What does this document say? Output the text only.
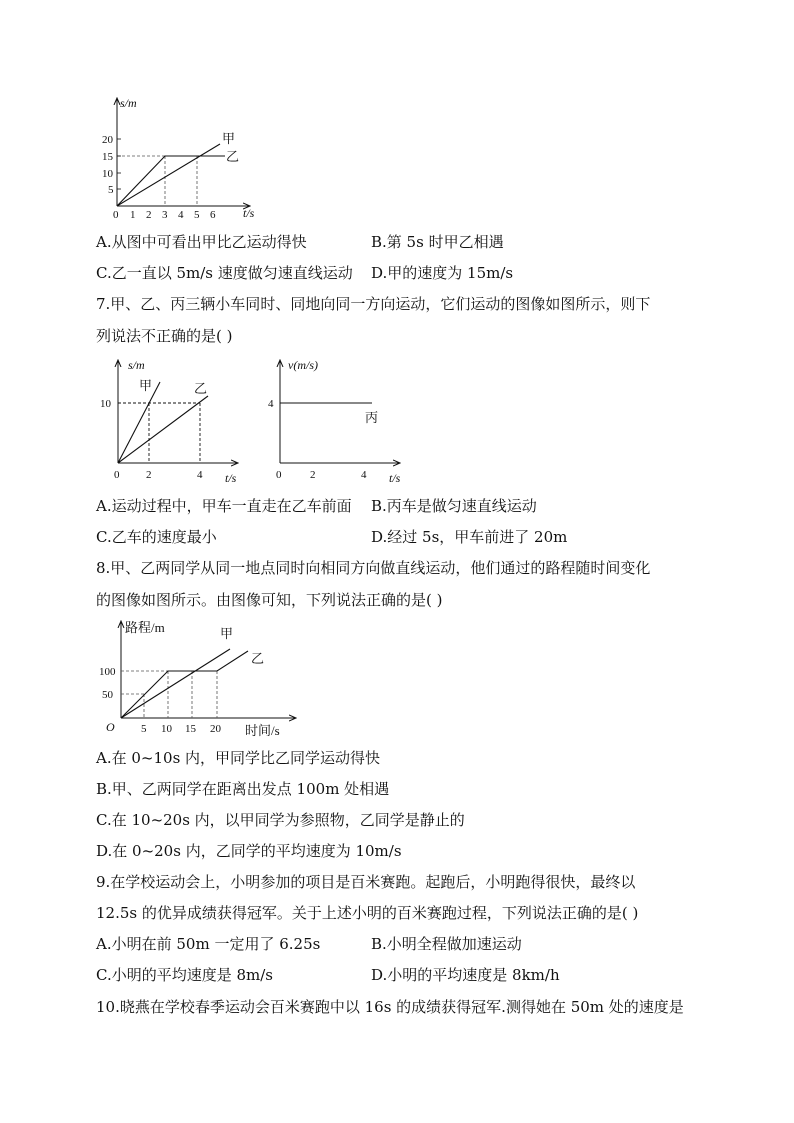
s/m
t/s
20
15
10
5
0 1 2 3 4 5 6
甲
乙
A.从图中可看出甲比乙运动得快	B.第 5s 时甲乙相遇
C.乙一直以 5m/s 速度做匀速直线运动 D.甲的速度为 15m/s
7.甲、乙、丙三辆小车同时、同地向同一方向运动，它们运动的图像如图所示，则下
列说法不正确的是( )
s/m
t/s
10
0 2	4
甲	乙
v(m/s)
t/s
4
0	2	4
丙
A.运动过程中，甲车一直走在乙车前面 B.丙车是做匀速直线运动
C.乙车的速度最小	D.经过 5s，甲车前进了 20m
8.甲、乙两同学从同一地点同时向相同方向做直线运动，他们通过的路程随时间变化
的图像如图所示。由图像可知，下列说法正确的是( )
路程/m
时间/s
O
100
50
5 10 15 20
甲
乙
A.在 0~10s 内，甲同学比乙同学运动得快
B.甲、乙两同学在距离出发点 100m 处相遇
C.在 10~20s 内，以甲同学为参照物，乙同学是静止的
D.在 0~20s 内，乙同学的平均速度为 10m/s
9.在学校运动会上，小明参加的项目是百米赛跑。起跑后，小明跑得很快，最终以
12.5s 的优异成绩获得冠军。关于上述小明的百米赛跑过程，下列说法正确的是( )
A.小明在前 50m 一定用了 6.25s	B.小明全程做加速运动
C.小明的平均速度是 8m/s	D.小明的平均速度是 8km/h
10.晓燕在学校春季运动会百米赛跑中以 16s 的成绩获得冠军.测得她在 50m 处的速度是
